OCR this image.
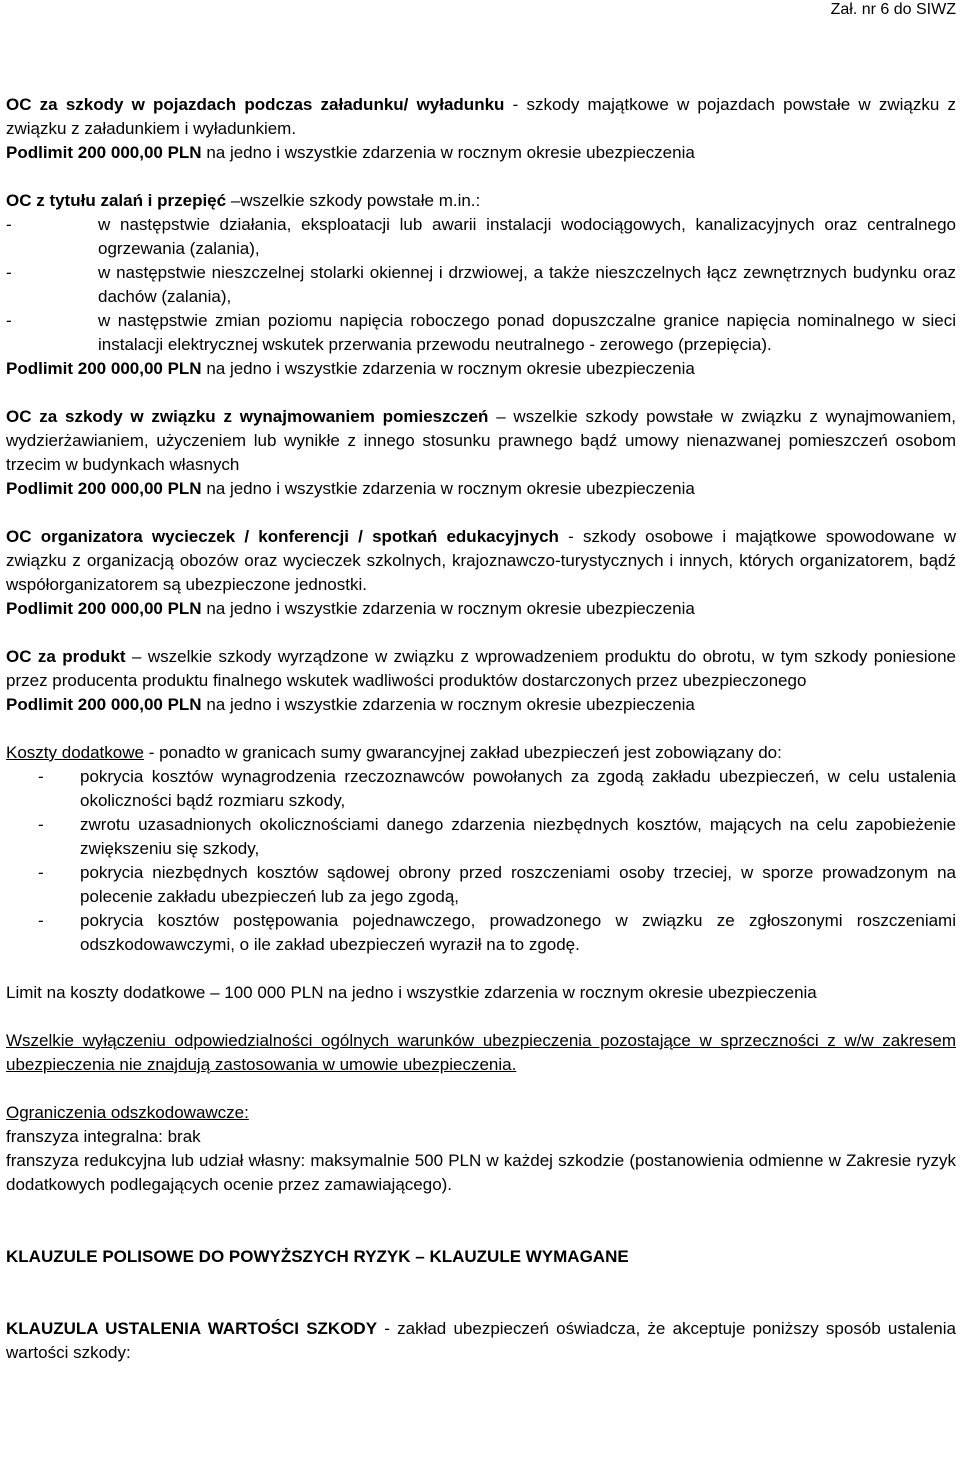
Zał. nr 6 do SIWZ

OC za szkody w pojazdach podczas załadunku/ wyładunku - szkody majątkowe w pojazdach powstałe w związku z związku z załadunkiem i wyładunkiem.

Podlimit 200 000,00 PLN na jedno i wszystkie zdarzenia w rocznym okresie ubezpieczenia

OC z tytułu zalań i przepięć –wszelkie szkody powstałe m.in.:

- w następstwie działania, eksploatacji lub awarii instalacji wodociągowych, kanalizacyjnych oraz centralnego ogrzewania (zalania),
- w następstwie nieszczelnej stolarki okiennej i drzwiowej, a także nieszczelnych łącz zewnętrznych budynku oraz dachów (zalania),
- w następstwie zmian poziomu napięcia roboczego ponad dopuszczalne granice napięcia nominalnego w sieci instalacji elektrycznej wskutek przerwania przewodu neutralnego - zerowego (przepięcia).

Podlimit 200 000,00 PLN na jedno i wszystkie zdarzenia w rocznym okresie ubezpieczenia

OC za szkody w związku z wynajmowaniem pomieszczeń – wszelkie szkody powstałe w związku z wynajmowaniem, wydzierżawianiem, użyczeniem lub wynikłe z innego stosunku prawnego bądź umowy nienazwanej pomieszczeń osobom trzecim w budynkach własnych

Podlimit 200 000,00 PLN na jedno i wszystkie zdarzenia w rocznym okresie ubezpieczenia

OC organizatora wycieczek / konferencji / spotkań edukacyjnych - szkody osobowe i majątkowe spowodowane w związku z organizacją obozów oraz wycieczek szkolnych, krajoznawczo-turystycznych i innych, których organizatorem, bądź współorganizatorem są ubezpieczone jednostki.

Podlimit 200 000,00 PLN na jedno i wszystkie zdarzenia w rocznym okresie ubezpieczenia

OC za produkt – wszelkie szkody wyrządzone w związku z wprowadzeniem produktu do obrotu, w tym szkody poniesione przez producenta produktu finalnego wskutek wadliwości produktów dostarczonych przez ubezpieczonego

Podlimit 200 000,00 PLN na jedno i wszystkie zdarzenia w rocznym okresie ubezpieczenia

Koszty dodatkowe - ponadto w granicach sumy gwarancyjnej zakład ubezpieczeń jest zobowiązany do:

- pokrycia kosztów wynagrodzenia rzeczoznawców powołanych za zgodą zakładu ubezpieczeń, w celu ustalenia okoliczności bądź rozmiaru szkody,
- zwrotu uzasadnionych okolicznościami danego zdarzenia niezbędnych kosztów, mających na celu zapobieżenie zwiększeniu się szkody,
- pokrycia niezbędnych kosztów sądowej obrony przed roszczeniami osoby trzeciej, w sporze prowadzonym na polecenie zakładu ubezpieczeń lub za jego zgodą,
- pokrycia kosztów postępowania pojednawczego, prowadzonego w związku ze zgłoszonymi roszczeniami odszkodowawczymi, o ile zakład ubezpieczeń wyraził na to zgodę.

Limit na koszty dodatkowe – 100 000 PLN na jedno i wszystkie zdarzenia w rocznym okresie ubezpieczenia

Wszelkie wyłączeniu odpowiedzialności ogólnych warunków ubezpieczenia pozostające w sprzeczności z w/w zakresem ubezpieczenia nie znajdują zastosowania w umowie ubezpieczenia.

Ograniczenia odszkodowawcze:

franszyza integralna: brak

franszyza redukcyjna lub udział własny: maksymalnie 500 PLN w każdej szkodzie (postanowienia odmienne w Zakresie ryzyk dodatkowych podlegających ocenie przez zamawiającego).

KLAUZULE POLISOWE DO POWYŻSZYCH RYZYK – KLAUZULE WYMAGANE

KLAUZULA USTALENIA WARTOŚCI SZKODY - zakład ubezpieczeń oświadcza, że akceptuje poniższy sposób ustalenia wartości szkody:
